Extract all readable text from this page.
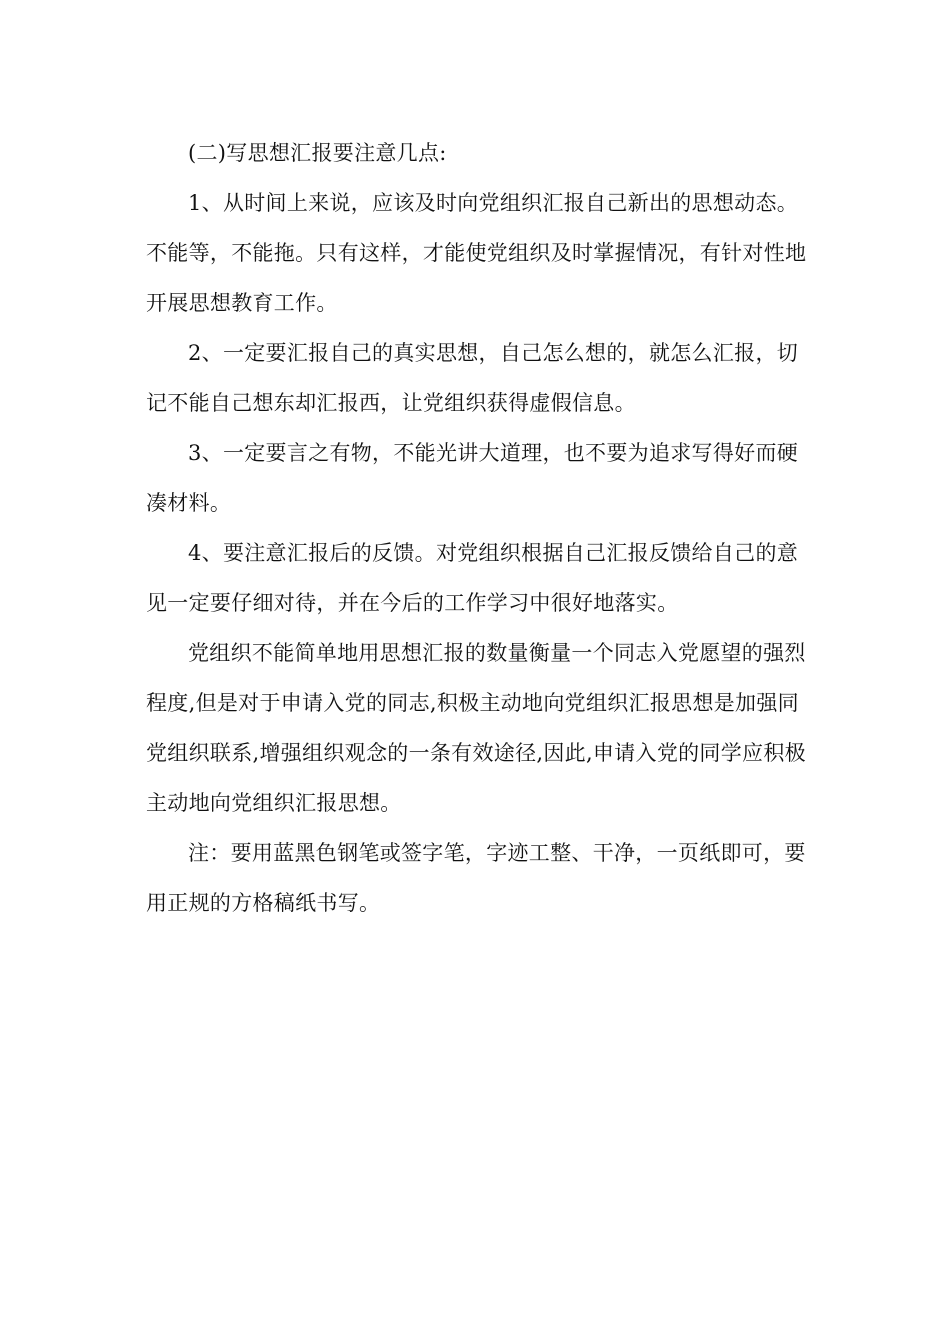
(二)写思想汇报要注意几点:

1、从时间上来说，应该及时向党组织汇报自己新出的思想动态。不能等，不能拖。只有这样，才能使党组织及时掌握情况，有针对性地开展思想教育工作。

2、一定要汇报自己的真实思想，自己怎么想的，就怎么汇报，切记不能自己想东却汇报西，让党组织获得虚假信息。

3、一定要言之有物，不能光讲大道理，也不要为追求写得好而硬凑材料。

4、要注意汇报后的反馈。对党组织根据自己汇报反馈给自己的意见一定要仔细对待，并在今后的工作学习中很好地落实。

党组织不能简单地用思想汇报的数量衡量一个同志入党愿望的强烈程度,但是对于申请入党的同志,积极主动地向党组织汇报思想是加强同党组织联系,增强组织观念的一条有效途径,因此,申请入党的同学应积极主动地向党组织汇报思想。

注：要用蓝黑色钢笔或签字笔，字迹工整、干净，一页纸即可，要用正规的方格稿纸书写。
